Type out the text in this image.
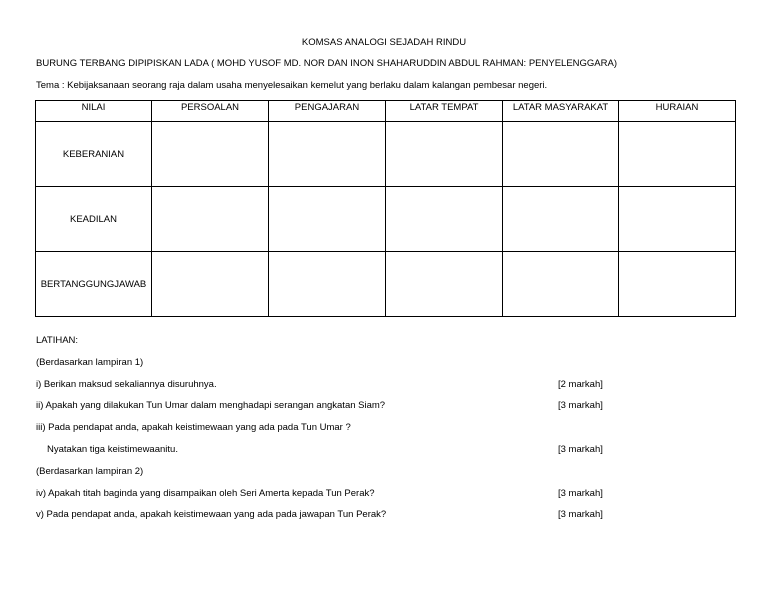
KOMSAS ANALOGI SEJADAH RINDU
BURUNG TERBANG DIPIPISKAN LADA ( MOHD YUSOF MD. NOR DAN INON SHAHARUDDIN ABDUL RAHMAN: PENYELENGGARA)
Tema : Kebijaksanaan seorang raja dalam usaha menyelesaikan kemelut yang berlaku dalam kalangan pembesar negeri.
NILAI	PERSOALAN	PENGAJARAN	LATAR TEMPAT	LATAR MASYARAKAT	HURAIAN
KEBERANIAN					
KEADILAN					
BERTANGGUNGJAWAB					
LATIHAN:
(Berdasarkan lampiran 1)
i) Berikan maksud sekaliannya disuruhnya.	[2 markah]
ii) Apakah yang dilakukan Tun Umar dalam menghadapi serangan angkatan Siam?	[3 markah]
iii) Pada pendapat anda, apakah keistimewaan yang ada pada Tun Umar ?
Nyatakan tiga keistimewaanitu.	[3 markah]
(Berdasarkan lampiran 2)
iv) Apakah titah baginda yang disampaikan oleh Seri Amerta kepada Tun Perak?	[3 markah]
v) Pada pendapat anda, apakah keistimewaan yang ada pada jawapan Tun Perak?	[3 markah]
